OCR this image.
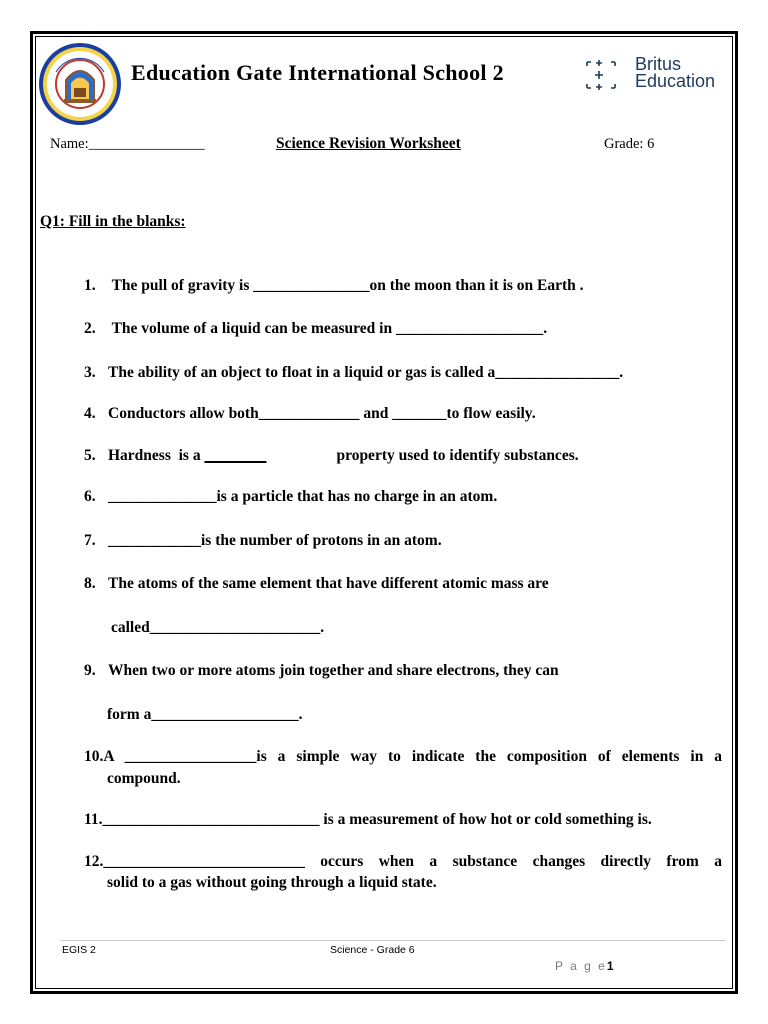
Education Gate International School 2	Britus
Education
Name:________________	Science Revision Worksheet	Grade: 6
Q1: Fill in the blanks:
1. The pull of gravity is _______________on the moon than it is on Earth .
2. The volume of a liquid can be measured in ___________________.
3. The ability of an object to float in a liquid or gas is called a________________.
4. Conductors allow both_____________ and _______to flow easily.
5. Hardness  is a	property used to identify substances.
6. ______________is a particle that has no charge in an atom.
7. ____________is the number of protons in an atom.
8. The atoms of the same element that have different atomic mass are
called______________________.
9. When two or more atoms join together and share electrons, they can
form a___________________.
10.A _________________is a simple way to indicate the composition of elements in a
compound.
11.____________________________ is a measurement of how hot or cold something is.
12.__________________________ occurs when a substance changes directly from a
solid to a gas without going through a liquid state.
EGIS 2	Science - Grade 6
P a g e1
